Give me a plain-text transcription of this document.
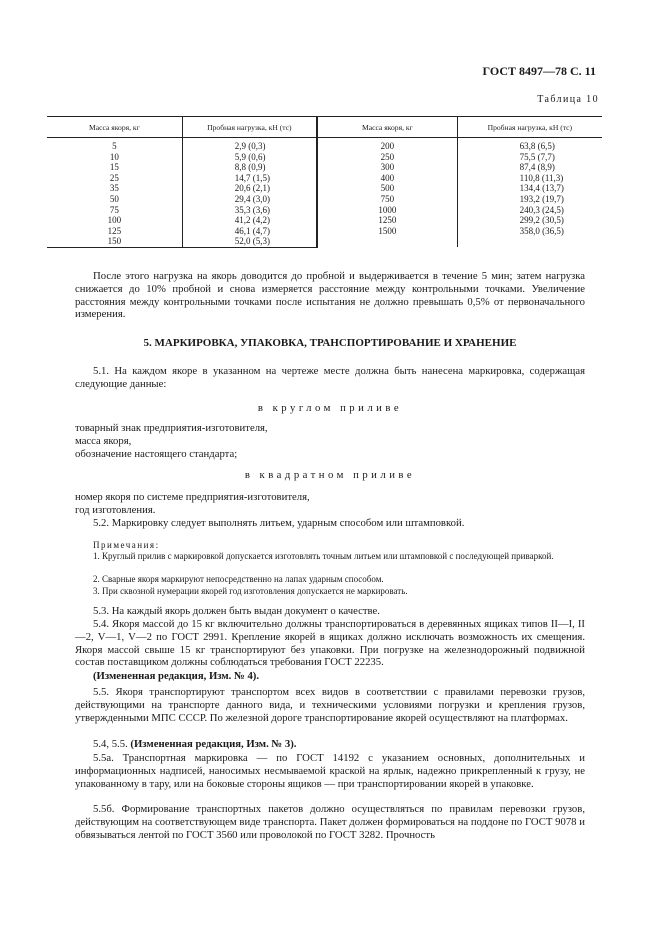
ГОСТ 8497—78 С. 11
Таблица 10
Масса якоря, кг	Пробная нагрузка, кН (тс)	Масса якоря, кг	Пробная нагрузка, кН (тс)
5	2,9 (0,3)	200	63,8 (6,5)
10	5,9 (0,6)	250	75,5 (7,7)
15	8,8 (0,9)	300	87,4 (8,9)
25	14,7 (1,5)	400	110,8 (11,3)
35	20,6 (2,1)	500	134,4 (13,7)
50	29,4 (3,0)	750	193,2 (19,7)
75	35,3 (3,6)	1000	240,3 (24,5)
100	41,2 (4,2)	1250	299,2 (30,5)
125	46,1 (4,7)	1500	358,0 (36,5)
150	52,0 (5,3)		
После этого нагрузка на якорь доводится до пробной и выдерживается в течение 5 мин; затем нагрузка снижается до 10% пробной и снова измеряется расстояние между контрольными точками. Увеличение расстояния между контрольными точками после испытания не должно превышать 0,5% от первоначального измерения.
5. МАРКИРОВКА, УПАКОВКА, ТРАНСПОРТИРОВАНИЕ И ХРАНЕНИЕ
5.1. На каждом якоре в указанном на чертеже месте должна быть нанесена маркировка, содержащая следующие данные:
в круглом приливе
товарный знак предприятия-изготовителя,
масса якоря,
обозначение настоящего стандарта;
в квадратном приливе
номер якоря по системе предприятия-изготовителя,
год изготовления.
5.2. Маркировку следует выполнять литьем, ударным способом или штамповкой.
Примечания:
1. Круглый прилив с маркировкой допускается изготовлять точным литьем или штамповкой с последующей приваркой.
2. Сварные якоря маркируют непосредственно на лапах ударным способом.
3. При сквозной нумерации якорей год изготовления допускается не маркировать.
5.3. На каждый якорь должен быть выдан документ о качестве.
5.4. Якоря массой до 15 кг включительно должны транспортироваться в деревянных ящиках типов II—I, II—2, V—1, V—2 по ГОСТ 2991. Крепление якорей в ящиках должно исключать возможность их смещения. Якоря массой свыше 15 кг транспортируют без упаковки. При погрузке на железнодорожный подвижной состав поставщиком должны соблюдаться требования ГОСТ 22235.
(Измененная редакция, Изм. № 4).
5.5. Якоря транспортируют транспортом всех видов в соответствии с правилами перевозки грузов, действующими на транспорте данного вида, и техническими условиями погрузки и крепления грузов, утвержденными МПС СССР. По железной дороге транспортирование якорей осуществляют на платформах.
5.4, 5.5. (Измененная редакция, Изм. № 3).
5.5а. Транспортная маркировка — по ГОСТ 14192 с указанием основных, дополнительных и информационных надписей, наносимых несмываемой краской на ярлык, надежно прикрепленный к грузу, не упакованному в тару, или на боковые стороны ящиков — при транспортировании якорей в упаковке.
5.5б. Формирование транспортных пакетов должно осуществляться по правилам перевозки грузов, действующим на соответствующем виде транспорта. Пакет должен формироваться на поддоне по ГОСТ 9078 и обвязываться лентой по ГОСТ 3560 или проволокой по ГОСТ 3282. Прочность
